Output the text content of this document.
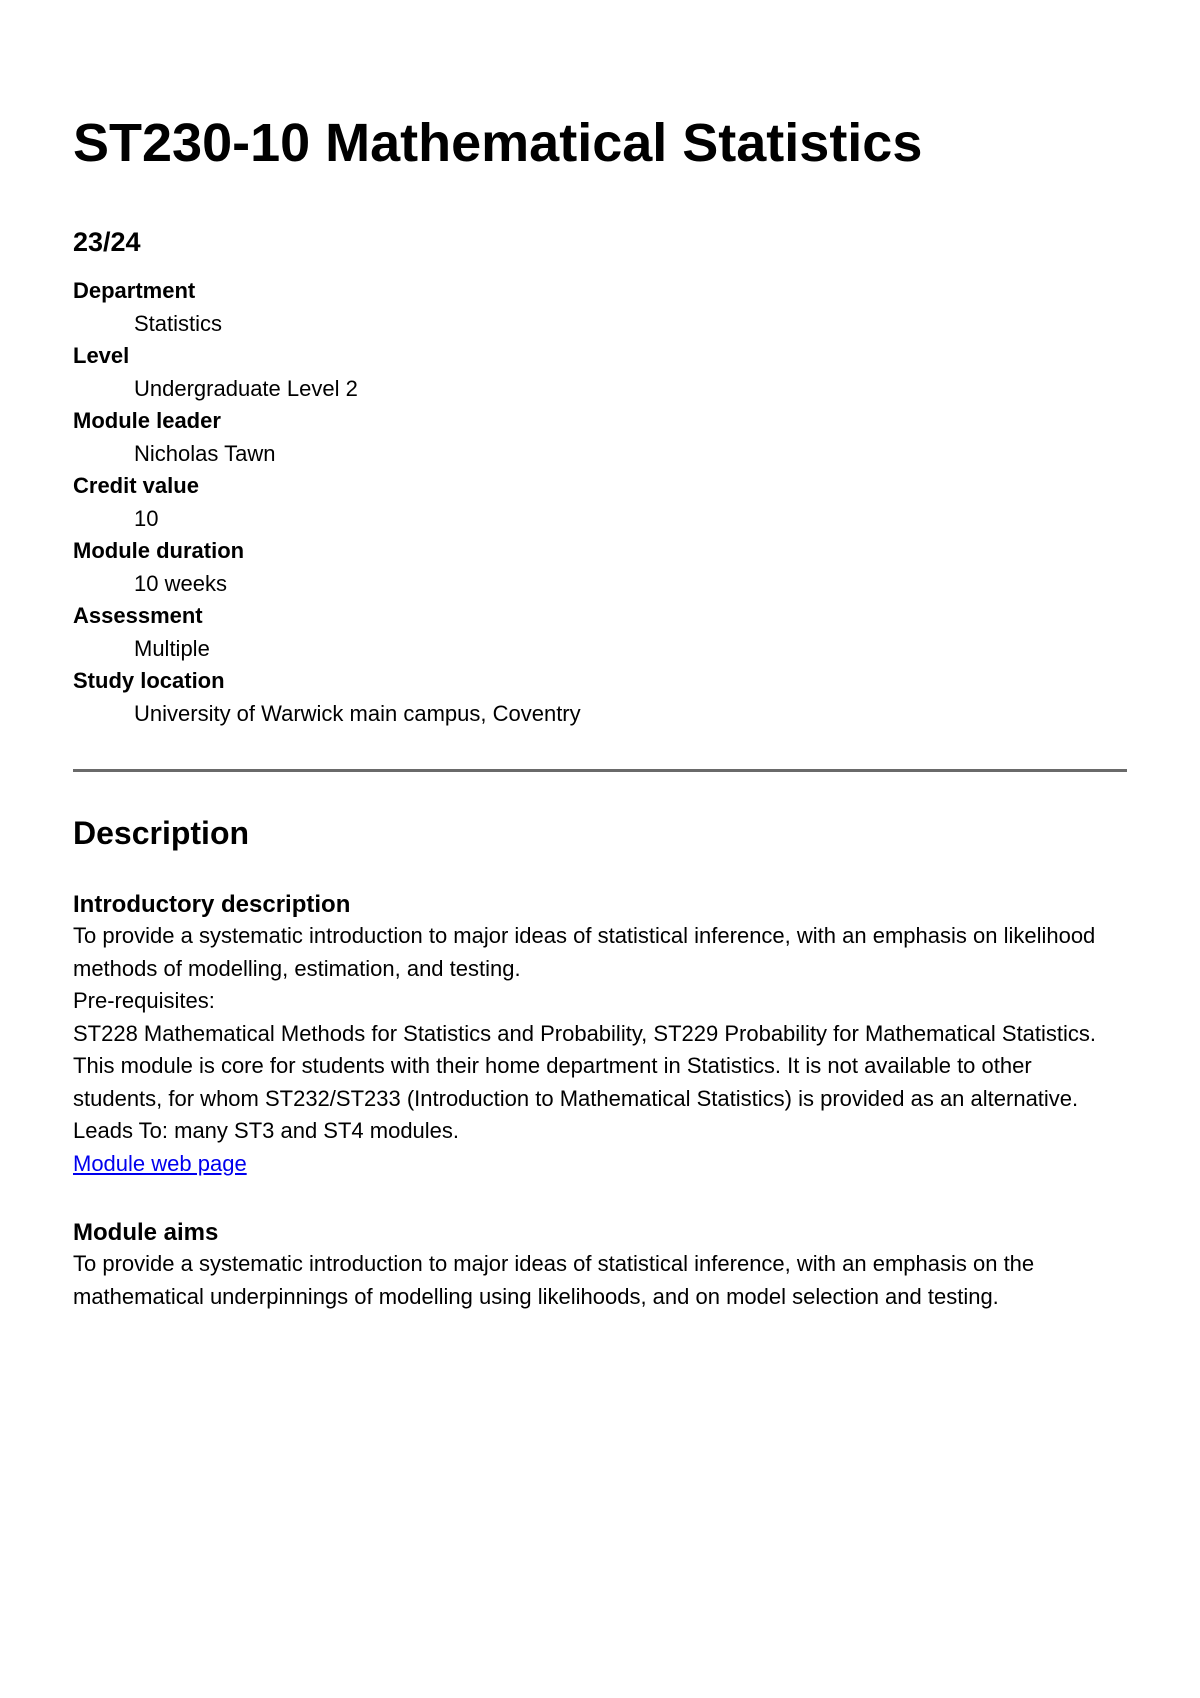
ST230-10 Mathematical Statistics
23/24
Department
Statistics
Level
Undergraduate Level 2
Module leader
Nicholas Tawn
Credit value
10
Module duration
10 weeks
Assessment
Multiple
Study location
University of Warwick main campus, Coventry
Description
Introductory description

To provide a systematic introduction to major ideas of statistical inference, with an emphasis on likelihood methods of modelling, estimation, and testing.

Pre-requisites:
ST228 Mathematical Methods for Statistics and Probability, ST229 Probability for Mathematical Statistics.

This module is core for students with their home department in Statistics. It is not available to other students, for whom ST232/ST233 (Introduction to Mathematical Statistics) is provided as an alternative.

Leads To: many ST3 and ST4 modules.

Module web page

Module aims

To provide a systematic introduction to major ideas of statistical inference, with an emphasis on the mathematical underpinnings of modelling using likelihoods, and on model selection and testing.
